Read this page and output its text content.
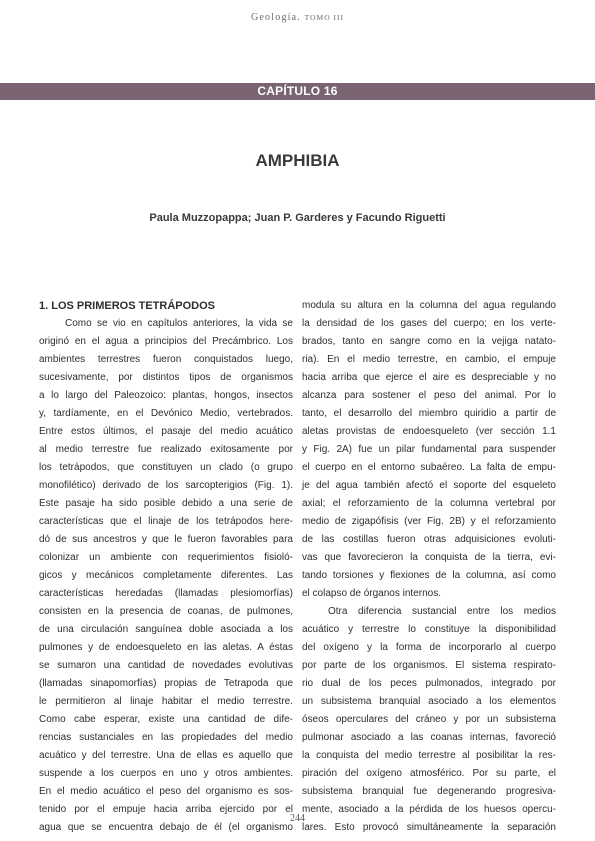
Geología. TOMO III
CAPÍTULO 16
AMPHIBIA
Paula Muzzopappa; Juan P. Garderes y Facundo Riguetti
1. LOS PRIMEROS TETRÁPODOS
Como se vio en capítulos anteriores, la vida se
originó en el agua a principios del Precámbrico. Los
ambientes terrestres fueron conquistados luego,
sucesivamente, por distintos tipos de organismos
a lo largo del Paleozoico: plantas, hongos, insectos
y, tardíamente, en el Devónico Medio, vertebrados.
Entre estos últimos, el pasaje del medio acuático
al medio terrestre fue realizado exitosamente por
los tetrápodos, que constituyen un clado (o grupo
monofilético) derivado de los sarcopterigios (Fig. 1).
Este pasaje ha sido posible debido a una serie de
características que el linaje de los tetrápodos here-
dó de sus ancestros y que le fueron favorables para
colonizar un ambiente con requerimientos fisioló-
gicos y mecánicos completamente diferentes. Las
características heredadas (llamadas plesiomorfías)
consisten en la presencia de coanas, de pulmones,
de una circulación sanguínea doble asociada a los
pulmones y de endoesqueleto en las aletas. A éstas
se sumaron una cantidad de novedades evolutivas
(llamadas sinapomorfías) propias de Tetrapoda que
le permitieron al linaje habitar el medio terrestre.
Como cabe esperar, existe una cantidad de dife-
rencias sustanciales en las propiedades del medio
acuático y del terrestre. Una de ellas es aquello que
suspende a los cuerpos en uno y otros ambientes.
En el medio acuático el peso del organismo es sos-
tenido por el empuje hacia arriba ejercido por el
agua que se encuentra debajo de él (el organismo
modula su altura en la columna del agua regulando
la densidad de los gases del cuerpo; en los verte-
brados, tanto en sangre como en la vejiga natato-
ria). En el medio terrestre, en cambio, el empuje
hacia arriba que ejerce el aire es despreciable y no
alcanza para sostener el peso del animal. Por lo
tanto, el desarrollo del miembro quiridio a partir de
aletas provistas de endoesqueleto (ver sección 1.1
y Fig. 2A) fue un pilar fundamental para suspender
el cuerpo en el entorno subaéreo. La falta de empu-
je del agua también afectó el soporte del esqueleto
axial; el reforzamiento de la columna vertebral por
medio de zigapófisis (ver Fig. 2B) y el reforzamiento
de las costillas fueron otras adquisiciones evoluti-
vas que favorecieron la conquista de la tierra, evi-
tando torsiones y flexiones de la columna, así como
el colapso de órganos internos.
Otra diferencia sustancial entre los medios
acuático y terrestre lo constituye la disponibilidad
del oxígeno y la forma de incorporarlo al cuerpo
por parte de los organismos. El sistema respirato-
rio dual de los peces pulmonados, integrado por
un subsistema branquial asociado a los elementos
óseos operculares del cráneo y por un subsistema
pulmonar asociado a las coanas internas, favoreció
la conquista del medio terrestre al posibilitar la res-
piración del oxígeno atmosférico. Por su parte, el
subsistema branquial fue degenerando progresiva-
mente, asociado a la pérdida de los huesos opercu-
lares. Esto provocó simultáneamente la separación
244
